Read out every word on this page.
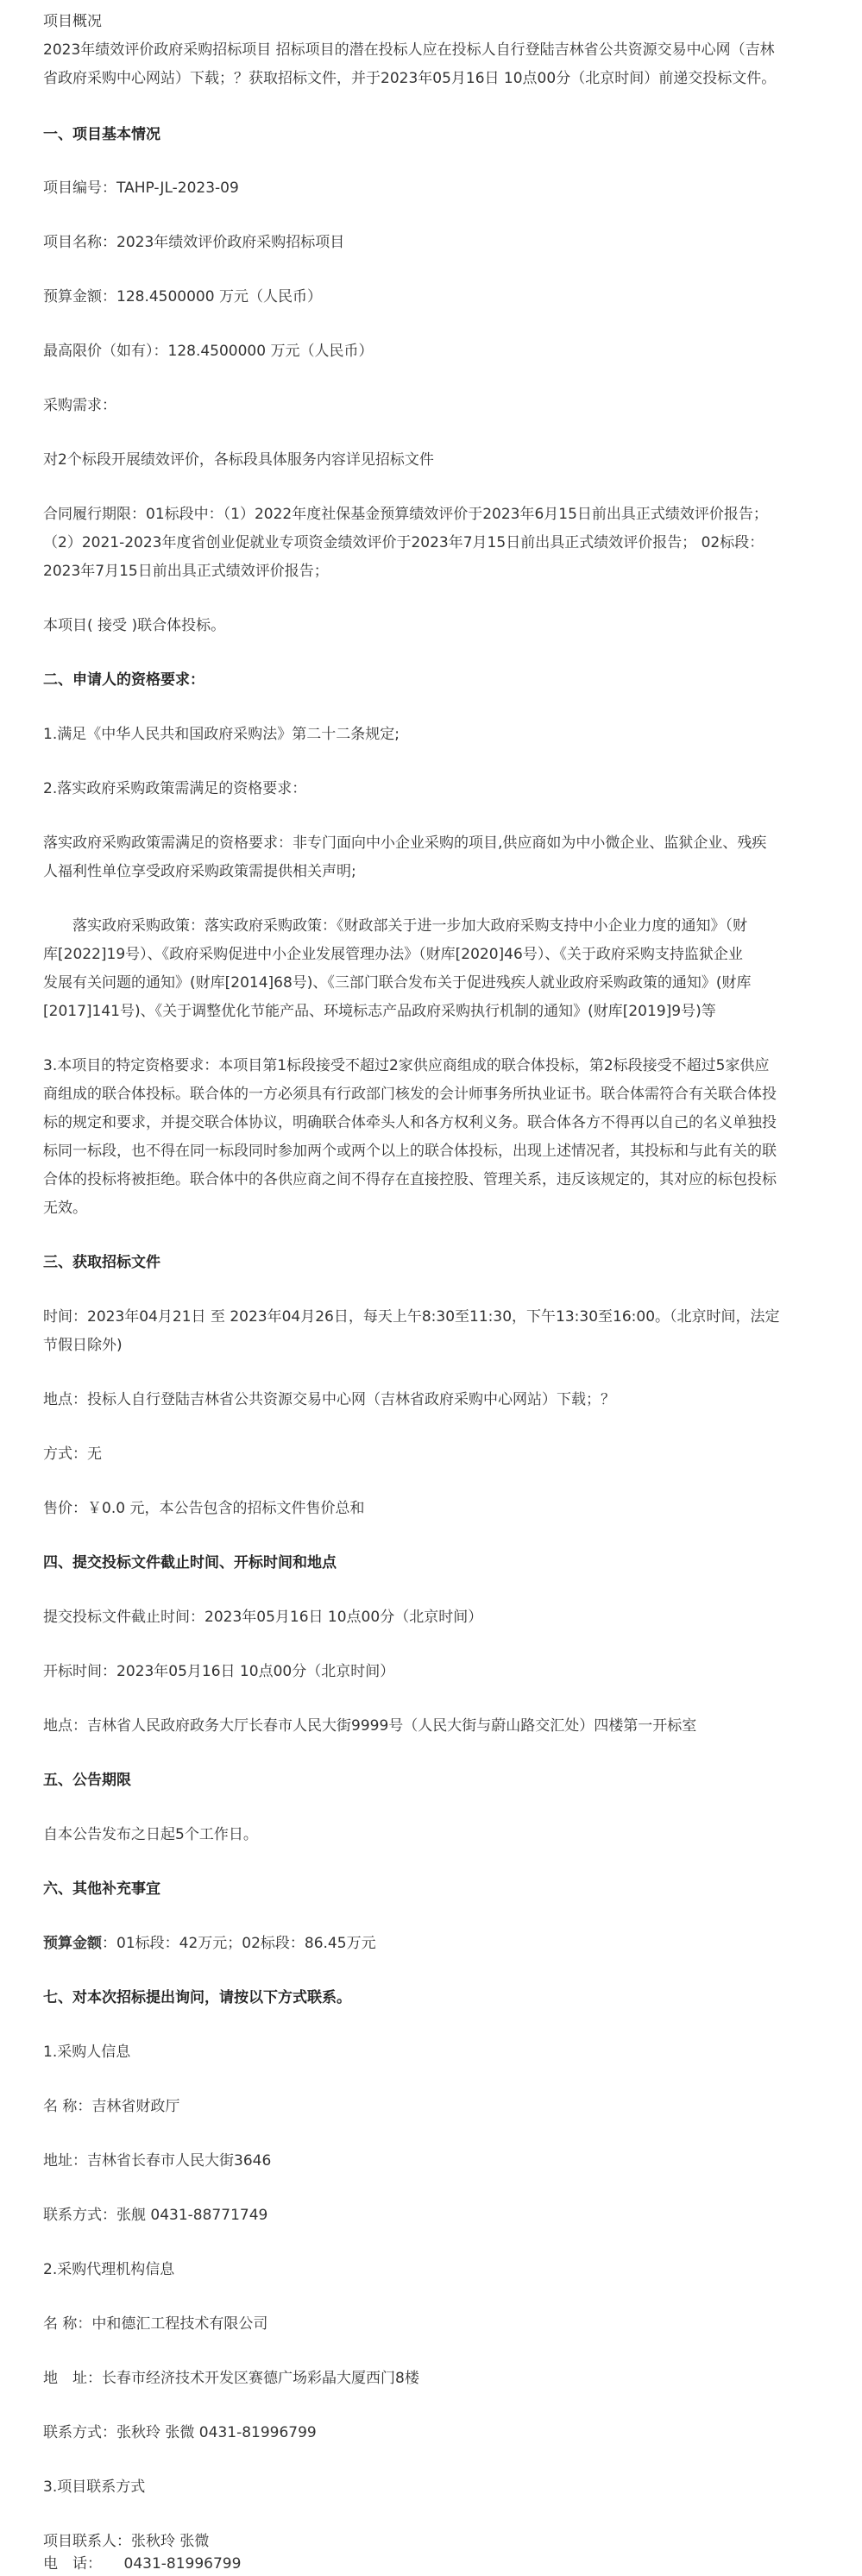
项目概况
2023年绩效评价政府采购招标项目 招标项目的潜在投标人应在投标人自行登陆吉林省公共资源交易中心网（吉林
省政府采购中心网站）下载；？获取招标文件，并于2023年05月16日 10点00分（北京时间）前递交投标文件。
一、项目基本情况
项目编号：TAHP-JL-2023-09
项目名称：2023年绩效评价政府采购招标项目
预算金额：128.4500000 万元（人民币）
最高限价（如有）：128.4500000 万元（人民币）
采购需求：
对2个标段开展绩效评价，各标段具体服务内容详见招标文件
合同履行期限：01标段中：（1）2022年度社保基金预算绩效评价于2023年6月15日前出具正式绩效评价报告；
（2）2021-2023年度省创业促就业专项资金绩效评价于2023年7月15日前出具正式绩效评价报告； 02标段：
2023年7月15日前出具正式绩效评价报告；
本项目( 接受 )联合体投标。
二、申请人的资格要求：
1.满足《中华人民共和国政府采购法》第二十二条规定;
2.落实政府采购政策需满足的资格要求：
落实政府采购政策需满足的资格要求：非专门面向中小企业采购的项目,供应商如为中小微企业、监狱企业、残疾
人福利性单位享受政府采购政策需提供相关声明;
落实政府采购政策：落实政府采购政策：《财政部关于进一步加大政府采购支持中小企业力度的通知》（财
库[2022]19号）、《政府采购促进中小企业发展管理办法》（财库[2020]46号）、《关于政府采购支持监狱企业
发展有关问题的通知》(财库[2014]68号)、《三部门联合发布关于促进残疾人就业政府采购政策的通知》(财库
[2017]141号)、《关于调整优化节能产品、环境标志产品政府采购执行机制的通知》(财库[2019]9号)等
3.本项目的特定资格要求：本项目第1标段接受不超过2家供应商组成的联合体投标，第2标段接受不超过5家供应
商组成的联合体投标。联合体的一方必须具有行政部门核发的会计师事务所执业证书。联合体需符合有关联合体投
标的规定和要求，并提交联合体协议，明确联合体牵头人和各方权利义务。联合体各方不得再以自己的名义单独投
标同一标段，也不得在同一标段同时参加两个或两个以上的联合体投标，出现上述情况者，其投标和与此有关的联
合体的投标将被拒绝。联合体中的各供应商之间不得存在直接控股、管理关系，违反该规定的，其对应的标包投标
无效。
三、获取招标文件
时间：2023年04月21日 至 2023年04月26日，每天上午8:30至11:30，下午13:30至16:00。（北京时间，法定
节假日除外)
地点：投标人自行登陆吉林省公共资源交易中心网（吉林省政府采购中心网站）下载；？
方式：无
售价：￥0.0 元，本公告包含的招标文件售价总和
四、提交投标文件截止时间、开标时间和地点
提交投标文件截止时间：2023年05月16日 10点00分（北京时间）
开标时间：2023年05月16日 10点00分（北京时间）
地点：吉林省人民政府政务大厅长春市人民大街9999号（人民大街与蔚山路交汇处）四楼第一开标室
五、公告期限
自本公告发布之日起5个工作日。
六、其他补充事宜
预算金额：01标段：42万元；02标段：86.45万元
七、对本次招标提出询问，请按以下方式联系。
1.采购人信息
名 称：吉林省财政厅
地址：吉林省长春市人民大街3646
联系方式：张舰 0431-88771749
2.采购代理机构信息
名 称：中和德汇工程技术有限公司
地　址：长春市经济技术开发区赛德广场彩晶大厦西门8楼
联系方式：张秋玲 张微 0431-81996799
3.项目联系方式
项目联系人：张秋玲 张微
电　话：　　0431-81996799
